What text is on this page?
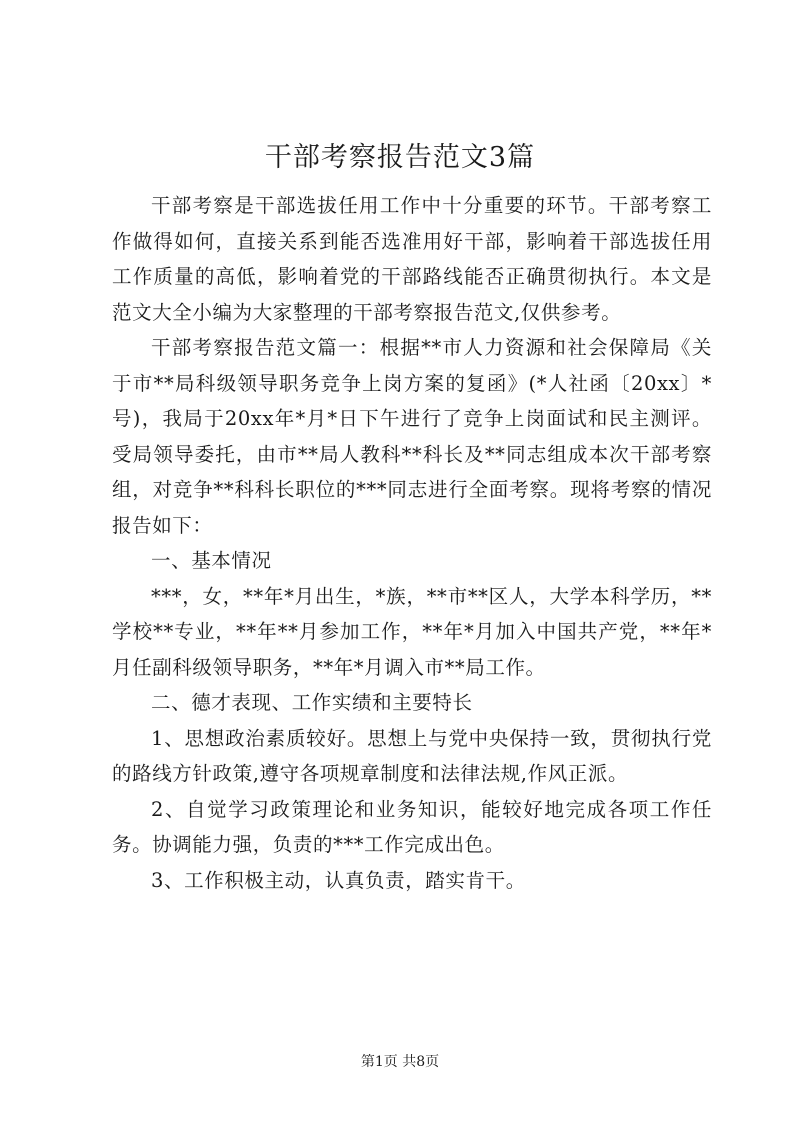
干部考察报告范文3篇

干部考察是干部选拔任用工作中十分重要的环节。干部考察工作做得如何，直接关系到能否选准用好干部，影响着干部选拔任用工作质量的高低，影响着党的干部路线能否正确贯彻执行。本文是范文大全小编为大家整理的干部考察报告范文,仅供参考。

干部考察报告范文篇一：根据**市人力资源和社会保障局《关于市**局科级领导职务竞争上岗方案的复函》(*人社函〔20xx〕*号)，我局于20xx年*月*日下午进行了竞争上岗面试和民主测评。受局领导委托，由市**局人教科**科长及**同志组成本次干部考察组，对竞争**科科长职位的***同志进行全面考察。现将考察的情况报告如下：

一、基本情况

***，女，**年*月出生，*族，**市**区人，大学本科学历，**学校**专业，**年**月参加工作，**年*月加入中国共产党，**年*月任副科级领导职务，**年*月调入市**局工作。

二、德才表现、工作实绩和主要特长

1、思想政治素质较好。思想上与党中央保持一致，贯彻执行党的路线方针政策,遵守各项规章制度和法律法规,作风正派。

2、自觉学习政策理论和业务知识，能较好地完成各项工作任务。协调能力强，负责的***工作完成出色。

3、工作积极主动，认真负责，踏实肯干。

第1页 共8页
